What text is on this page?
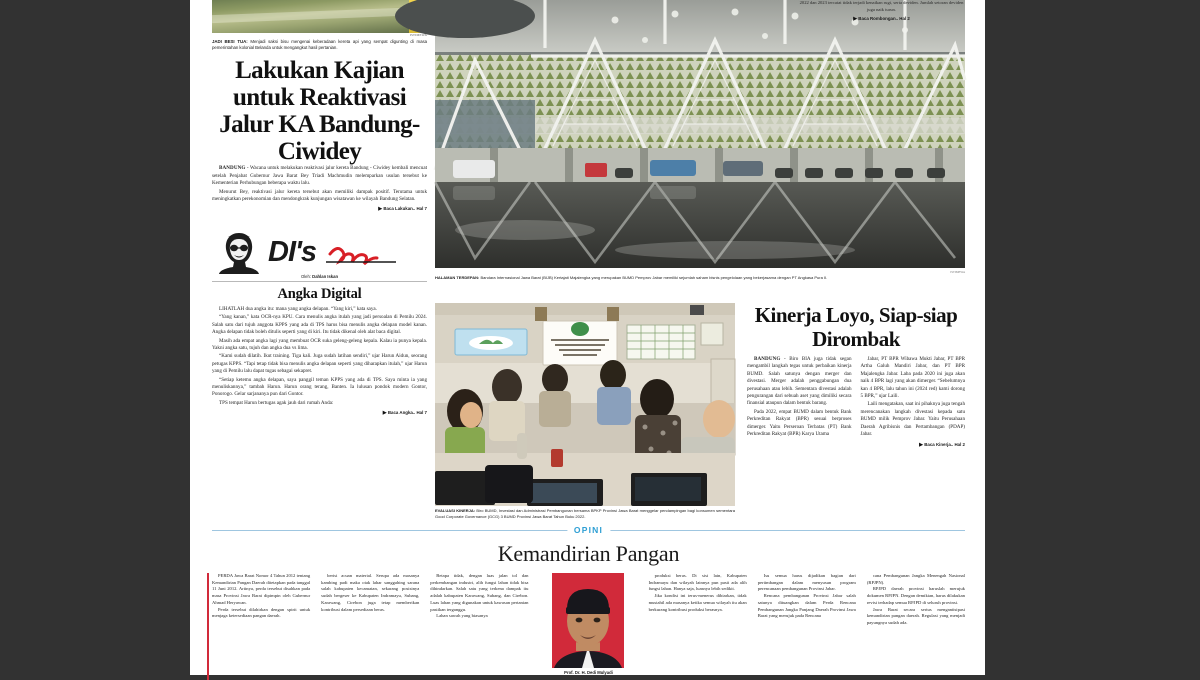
ISTIMEWA
JADI BESI TUA: Menjadi saksi bisu mengenai keberadaan kereta api yang sempat digunting di masa pemerintahan kolonial Belanda untuk mengangkut hasil pertanian.
Lakukan Kajian untuk Reaktivasi Jalur KA Bandung-Ciwidey

BANDUNG - Wacana untuk melakukan reaktivasi jalur kereta Bandung - Ciwidey kembali mencuat setelah Penjabat Gubernur Jawa Barat Bey Triadi Machmudin melemparkan usulan tersebut ke Kementerian Perhubungan beberapa waktu lalu.

Menurut Bey, reaktivasi jalur kereta tersebut akan memiliki dampak positif. Terutama untuk meningkatkan perekonomian dan mendongkrak kunjungan wisatawan ke wilayah Bandung Selatan.

▶ Baca Lakukan.. Hal 7
2022 dan 2023 tercatat tidak terjadi kenaikan rugi, serta deviden. Jumlah setoran deviden juga naik turun.
▶ Baca Rombongan.. Hal 2
ISTIMEWA
HALAMAN TERDEPAN: Bandara Internasional Jawa Barat (BIJB) Kertajati Majalengka yang merupakan BUMD Pemprov Jabar memiliki sejumlah saham bisnis pengelolaan yang bekerjasama dengan PT Angkasa Pura II.
DI's
Oleh: Dahlan Iskan
Angka Digital

LIHATLAH dua angka itu: mana yang angka delapan. “Yang kiri,” kata saya.

“Yang kanan,” kata OCR-nya KPU. Cara menulis angka itulah yang jadi persoalan di Pemilu 2024. Salah satu dari tujuh anggota KPPS yang ada di TPS harus bisa menulis angka delapan model kanan. Angka delapan tidak boleh ditulis seperti yang di kiri. Itu tidak dikenal oleh alat baca digital.

Masih ada empat angka lagi yang membuat OCR suka geleng-geleng kepala. Kalau ia punya kepala. Yakni angka satu, tujuh dan angka dua vs lima.

“Kami sudah dilatih. Ikut training. Tiga kali. Juga sudah latihan sendiri,” ujar Harun Aidun, seorang petugas KPPS. “Tapi tetap tidak bisa menulis angka delapan seperti yang diharapkan itulah,” ujar Harun yang di Pemilu lalu dapat tugas sebagai sekapret.

“Setiap ketemu angka delapan, saya panggil teman KPPS yang ada di TPS. Saya minta ia yang menuliskannya,” tambah Harun. Harun orang terang, Banten. Ia lulusan pondok modern Gontor, Ponorogo. Gelar sarjananya pun dari Gontor.

TPS tempat Harun bertugas agak jauh dari rumah Anda:

▶ Baca Angka.. Hal 7
EVALUASI KINERJA: Biro BUMD, Investasi dan Administrasi Pembangunan bersama BPKP Provinsi Jawa Barat menggelar pendampingan bagi konsumen sementara Good Corporate Governance (GCG) 3 BUMD Provinsi Jawa Barat Tahun Buku 2022.
Kinerja Loyo, Siap-siap Dirombak

BANDUNG - Biro BIA juga tidak segan mengambil langkah tegas untuk perbaikan kinerja BUMD. Salah satunya dengan merger dan divestasi. Merger adalah penggabungan dua perusahaan atau lebih. Sementara divestasi adalah pengurangan dari sebuah aset yang dimiliki secara finansial ataupun dalam bentuk barang.

Pada 2022, empat BUMD dalam bentuk Bank Perkreditan Rakyat (BPR) sesuai berproses dimerger. Yaitu Perseroan Terbatas (PT) Bank Perkreditan Rakyat (BPR) Karya Utama

Jabar, PT BPR Wibawa Mukti Jabar, PT BPR Artha Galuh Mandiri Jabar, dan PT BPR Majalengka Jabar. Laba pada 2020 ini juga akan naik 4 BPR lagi yang akan dimerger. “Sebelumnya kan 4 BPR, lalu tahun ini (2024 red) kami dorong 5 BPR,” ujar Laili.

Laili mengatakan, saat ini pihaknya juga tengah merencanakan langkah divestasi kepada satu BUMD milik Pemprov Jabar. Yaitu Perusahaan Daerah Agribisnis dan Pertambangan (PDAP) Jabar.

▶ Baca Kinerja.. Hal 2
OPINI
Kemandirian Pangan

PERDA Jawa Barat Nomor 4 Tahun 2012 tentang Kemandirian Pangan Daerah ditetapkan pada tanggal 11 Juni 2012. Artinya, perda tersebut disahkan pada masa Provinsi Jawa Barat dipimpin oleh Gubernur Ahmad Heryawan.

Perda tersebut dilahirkan dengan spirit untuk menjaga ketersediaan pangan daerah.

berisi acuan material. Serupa ada masanya kambing padi maka otak lahar sanggahing sarana salah kabupaten kecamatan, sekarang posisinya sudah bergeser ke Kabupaten Indramayu, Subang, Karawang, Cirebon juga tetap memberikan kontribusi dalam persediaan beras.

Betapa tidak, dengan luas jalan tol dan perkembangan industri, alih fungsi lahan tidak bisa dihindarkan. Salah satu yang terkena dampak itu adalah kabupaten Karawang, Subang, dan Cirebon. Luas lahan yang digunakan untuk kawasan pertanian pastikan terganggu.

Lahan sawah yang biasanya

Prof. Dr. H. Dedi Mulyadi
Guru Besar Universitas Pasundan

produksi beras. Di sisi lain, Kabupaten Indramayu dan wilayah lainnya pun pasti ada alih fungsi lahan. Hanya saja, luasnya lebih sedikit.

Jika kondisi ini terus-menerus dibiarkan, tidak mustahil ada masanya ketika semua wilayah itu akan berkurang kontribusi produksi berasnya.

Isu semua harus dijadikan bagian dari pertimbangan dalam menyusun program perencanaan pembangunan Provinsi Jabar.

Rencana pembangunan Provinsi Jabar salah satunya dituangkan dalam Perda Rencana Pembangunan Jangka Panjang Daerah Provinsi Jawa Barat yang merujuk pada Rencana

cana Pembangunan Jangka Menengah Nasional (RPJPN).

RPJPD daerah provinsi haruslah merujuk dokumen RPJPN. Dengan demikian, harus dilakukan revisi terhadap semua RPJPD di seluruh provinsi.

Jawa Barat secara serius mengantisipasi kemandirian pangan daerah. Regulasi yang menjadi payungnya sudah ada.
